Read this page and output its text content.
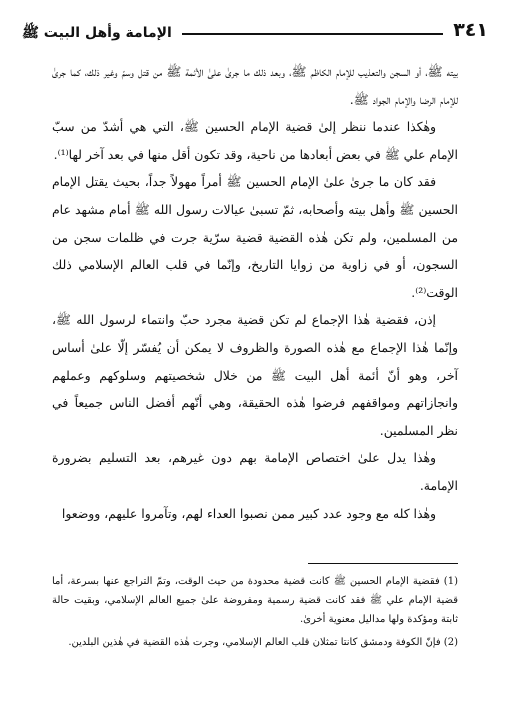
٣٤١
الإمامة وأهل البيت ﷺ

بيته ﷺ، أو السجن والتعذيب للإمام الكاظم ﷺ، وبعد ذلك ما جرىٰ علىٰ الأئمة ﷺ من قتل وسمّ وغير ذلك، كما جرىٰ للإمام الرضا والإمام الجواد ﷺ.

وهٰكذا عندما ننظر إلىٰ قضية الإمام الحسين ﷺ، التي هي أشدّ من سبّ الإمام علي ﷺ في بعض أبعادها من ناحية، وقد تكون أقل منها في بعد آخر لها⁽¹⁾.

فقد كان ما جرىٰ علىٰ الإمام الحسين ﷺ أمراً مهولاً جداً، بحيث يقتل الإمام الحسين ﷺ وأهل بيته وأصحابه، ثمّ تسبىٰ عيالات رسول الله ﷺ أمام مشهد عام من المسلمين، ولم تكن هٰذه القضية قضية سرّية جرت في ظلمات سجن من السجون، أو في زاوية من زوايا التاريخ، وإنّما في قلب العالم الإسلامي ذلك الوقت⁽²⁾.

إذن، فقضية هٰذا الإجماع لم تكن قضية مجرد حبّ وانتماء لرسول الله ﷺ، وإنّما هٰذا الإجماع مع هٰذه الصورة والظروف لا يمكن أن يُفسّر إلّا علىٰ أساس آخر، وهو أنّ أئمة أهل البيت ﷺ من خلال شخصيتهم وسلوكهم وعملهم وانجازاتهم ومواقفهم فرضوا هٰذه الحقيقة، وهي أنّهم أفضل الناس جميعاً في نظر المسلمين.

وهٰذا يدل علىٰ اختصاص الإمامة بهم دون غيرهم، بعد التسليم بضرورة الإمامة.

وهٰذا كله مع وجود عدد كبير ممن نصبوا العداء لهم، وتآمروا عليهم، ووضعوا

(1) فقضية الإمام الحسين ﷺ كانت قضية محدودة من حيث الوقت، وتمّ التراجع عنها بسرعة، أما قضية الإمام علي ﷺ فقد كانت قضية رسمية ومفروضة علىٰ جميع العالم الإسلامي، وبقيت حالة ثابتة ومؤكدة ولها مداليل معنوية أخرىٰ.

(2) فإنّ الكوفة ودمشق كانتا تمثلان قلب العالم الإسلامي، وجرت هٰذه القضية في هٰذين البلدين.
